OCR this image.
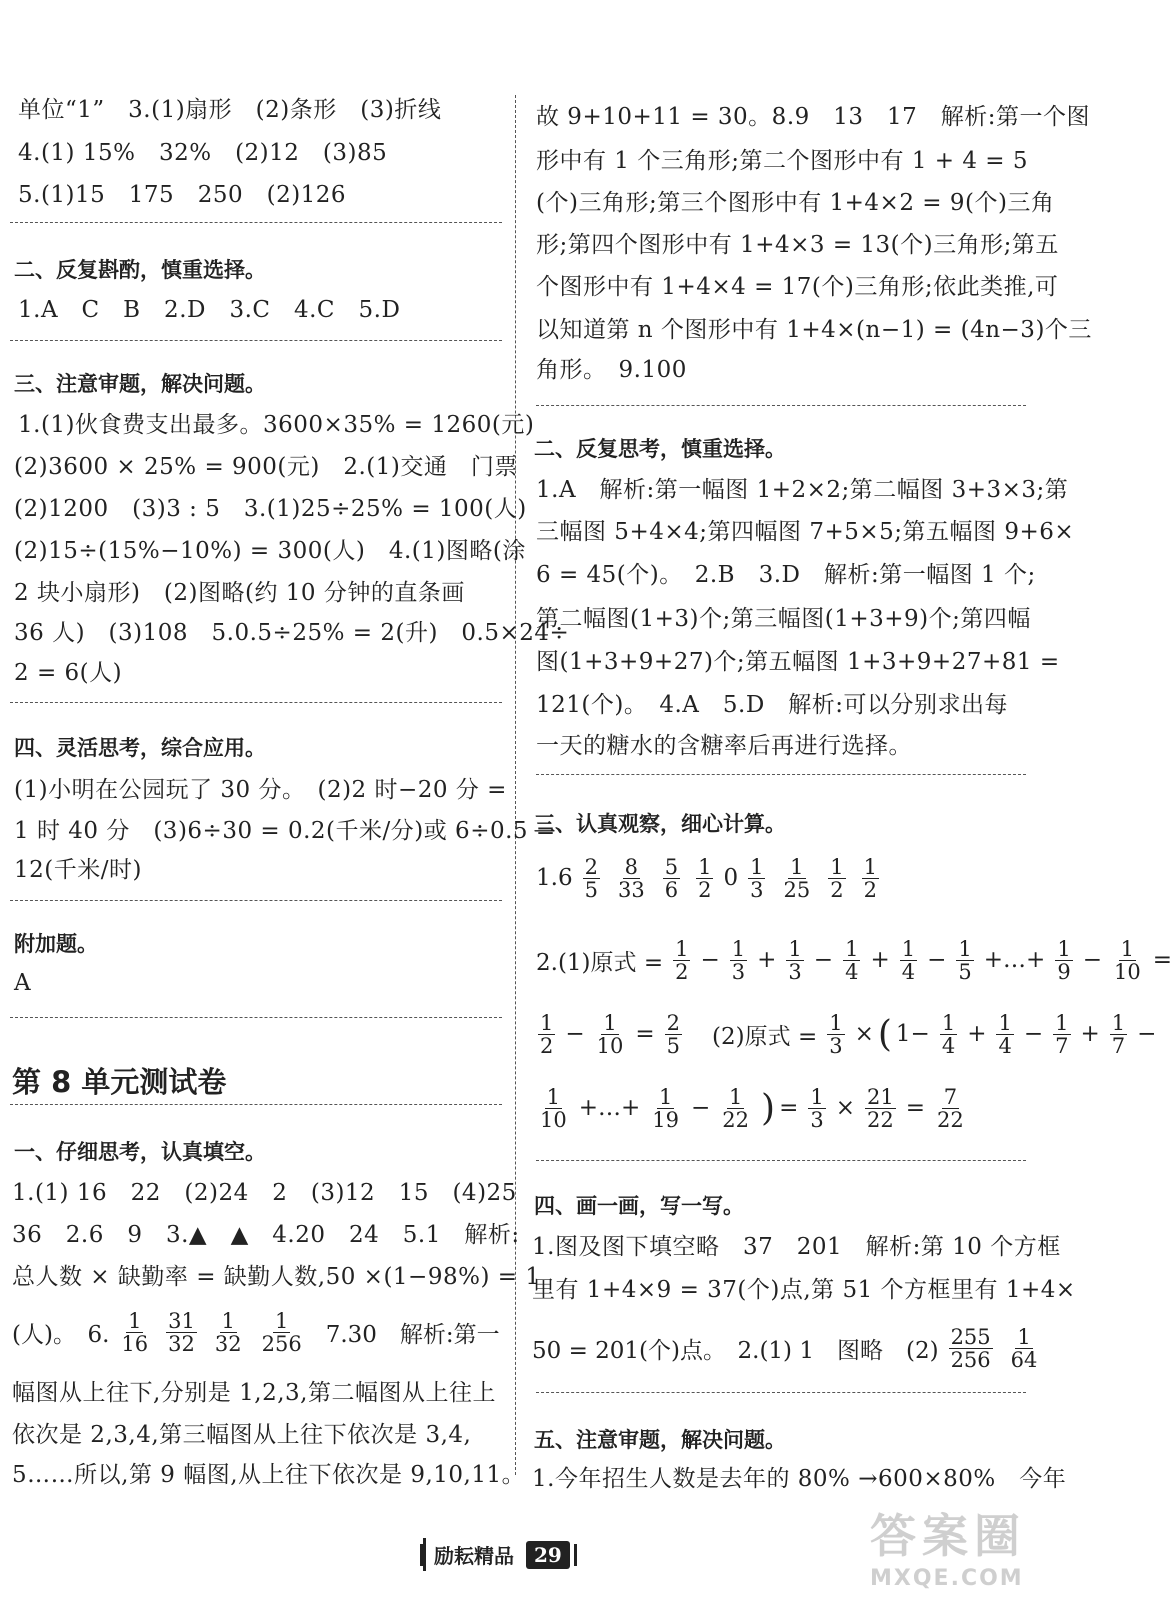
单位“1”　3.(1)扇形　(2)条形　(3)折线
4.(1) 15%　32%　(2)12　(3)85
5.(1)15　175　250　(2)126
二、反复斟酌，慎重选择。
1.A　C　B　2.D　3.C　4.C　5.D
三、注意审题，解决问题。
1.(1)伙食费支出最多。3600×35% = 1260(元)
(2)3600 × 25% = 900(元)　2.(1)交通　门票
(2)1200　(3)3 : 5　3.(1)25÷25% = 100(人)
(2)15÷(15%−10%) = 300(人)　4.(1)图略(涂
2 块小扇形)　(2)图略(约 10 分钟的直条画
36 人)　(3)108　5.0.5÷25% = 2(升)　0.5×24÷
2 = 6(人)
四、灵活思考，综合应用。
(1)小明在公园玩了 30 分。　(2)2 时−20 分 =
1 时 40 分　(3)6÷30 = 0.2(千米/分)或 6÷0.5 =
12(千米/时)
附加题。
A
第 8 单元测试卷
一、仔细思考，认真填空。
1.(1) 16　22　(2)24　2　(3)12　15　(4)25
36　2.6　9　3.▲　▲　4.20　24　5.1　解析:
总人数 × 缺勤率 = 缺勤人数,50 ×(1−98%) = 1
(人)。　6. $\frac{1}{16} \frac{31}{32} \frac{1}{32} \frac{1}{256} 7.30$　解析:第一
幅图从上往下,分别是 1,2,3,第二幅图从上往上
依次是 2,3,4,第三幅图从上往下依次是 3,4,
5……所以,第 9 幅图,从上往下依次是 9,10,11。
故 9+10+11 = 30。8.9　13　17　解析:第一个图
形中有 1 个三角形;第二个图形中有 1 + 4 = 5
(个)三角形;第三个图形中有 1+4×2 = 9(个)三角
形;第四个图形中有 1+4×3 = 13(个)三角形;第五
个图形中有 1+4×4 = 17(个)三角形;依此类推,可
以知道第 n 个图形中有 1+4×(n−1) = (4n−3)个三
角形。　9.100
二、反复思考，慎重选择。
1.A　解析:第一幅图 1+2×2;第二幅图 3+3×3;第
三幅图 5+4×4;第四幅图 7+5×5;第五幅图 9+6×
6 = 45(个)。　2.B　3.D　解析:第一幅图 1 个;
第二幅图(1+3)个;第三幅图(1+3+9)个;第四幅
图(1+3+9+27)个;第五幅图 1+3+9+27+81 =
121(个)。　4.A　5.D　解析:可以分别求出每
一天的糖水的含糖率后再进行选择。
三、认真观察，细心计算。
$1.6 \frac{2}{5} \frac{8}{33} \frac{5}{6} \frac{1}{2} 0 \frac{1}{3} \frac{1}{25} \frac{1}{2} \frac{1}{2}$
2.(1)原式 = $\frac{1}{2} - \frac{1}{3} + \frac{1}{3} - \frac{1}{4} + \frac{1}{4} - \frac{1}{5}$ +…+ $\frac{1}{9} - \frac{1}{10}$ =
$\frac{1}{2} - \frac{1}{10} = \frac{2}{5} (2)$原式 = $\frac{1}{3}$ × ( $1- \frac{1}{4} + \frac{1}{4} - \frac{1}{7} + \frac{1}{7}$ −
$\frac{1}{10}$ +…+ $\frac{1}{19} - \frac{1}{22}$ ) = $\frac{1}{3} \times \frac{21}{22} = \frac{7}{22}$
四、画一画，写一写。
1.图及图下填空略　37　201　解析:第 10 个方框
里有 1+4×9 = 37(个)点,第 51 个方框里有 1+4×
50 = 201(个)点。　2.(1) 1　图略　$(2) \frac{255}{256} \frac{1}{64}$
五、注意审题，解决问题。
1.今年招生人数是去年的 80% →600×80%　今年
励耘精品	29	答案圈
MXQE.COM
